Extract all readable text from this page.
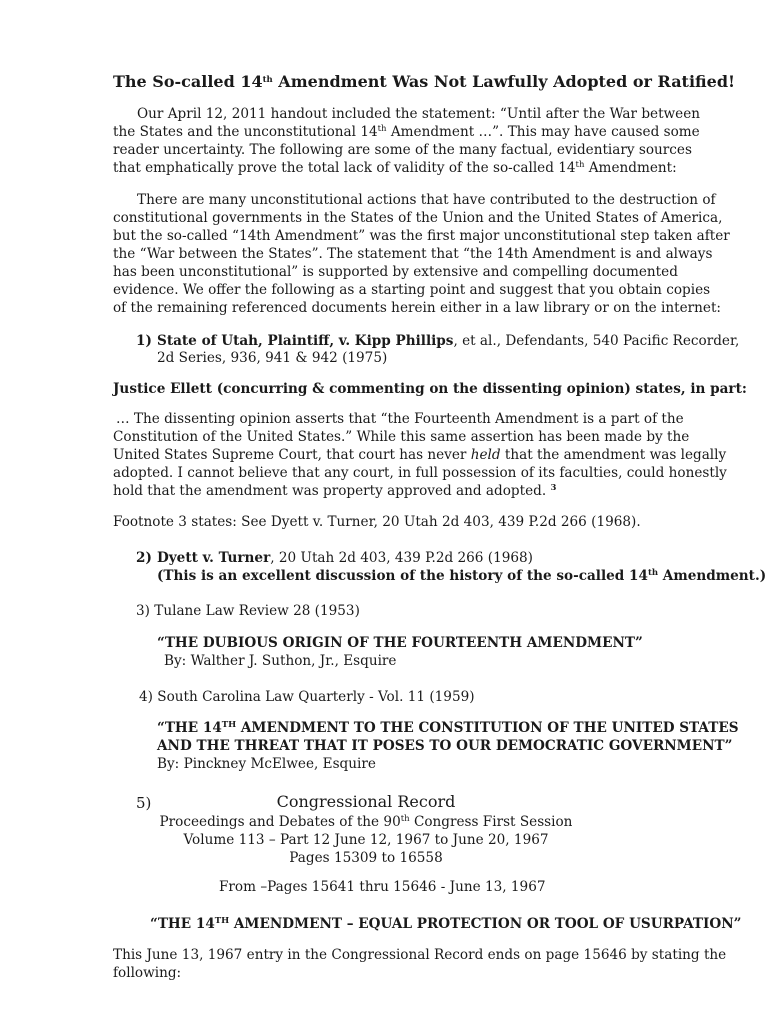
The So-called 14th Amendment Was Not Lawfully Adopted or Ratified!
Our April 12, 2011 handout included the statement: “Until after the War between
the States and the unconstitutional 14th Amendment …”. This may have caused some
reader uncertainty. The following are some of the many factual, evidentiary sources
that emphatically prove the total lack of validity of the so-called 14th Amendment:
There are many unconstitutional actions that have contributed to the destruction of
constitutional governments in the States of the Union and the United States of America,
but the so-called “14th Amendment” was the first major unconstitutional step taken after
the “War between the States”. The statement that “the 14th Amendment is and always
has been unconstitutional” is supported by extensive and compelling documented
evidence. We offer the following as a starting point and suggest that you obtain copies
of the remaining referenced documents herein either in a law library or on the internet:
1) State of Utah, Plaintiff, v. Kipp Phillips, et al., Defendants, 540 Pacific Recorder,
2d Series, 936, 941 & 942 (1975)
Justice Ellett (concurring & commenting on the dissenting opinion) states, in part:
… The dissenting opinion asserts that “the Fourteenth Amendment is a part of the
Constitution of the United States.” While this same assertion has been made by the
United States Supreme Court, that court has never held that the amendment was legally
adopted. I cannot believe that any court, in full possession of its faculties, could honestly
hold that the amendment was property approved and adopted. $^3$
Footnote 3 states: See Dyett v. Turner, 20 Utah 2d 403, 439 P.2d 266 (1968).
2) Dyett v. Turner, 20 Utah 2d 403, 439 P.2d 266 (1968)
(This is an excellent discussion of the history of the so-called 14th Amendment.)
3) Tulane Law Review 28 (1953)
“THE DUBIOUS ORIGIN OF THE FOURTEENTH AMENDMENT”
By: Walther J. Suthon, Jr., Esquire
4) South Carolina Law Quarterly - Vol. 11 (1959)
“THE 14TH AMENDMENT TO THE CONSTITUTION OF THE UNITED STATES
AND THE THREAT THAT IT POSES TO OUR DEMOCRATIC GOVERNMENT”
By: Pinckney McElwee, Esquire
5)	Congressional Record
Proceedings and Debates of the 90th Congress First Session
Volume 113 – Part 12 June 12, 1967 to June 20, 1967
Pages 15309 to 16558
From –Pages 15641 thru 15646 - June 13, 1967
“THE 14TH AMENDMENT – EQUAL PROTECTION OR TOOL OF USURPATION”
This June 13, 1967 entry in the Congressional Record ends on page 15646 by stating the
following:
